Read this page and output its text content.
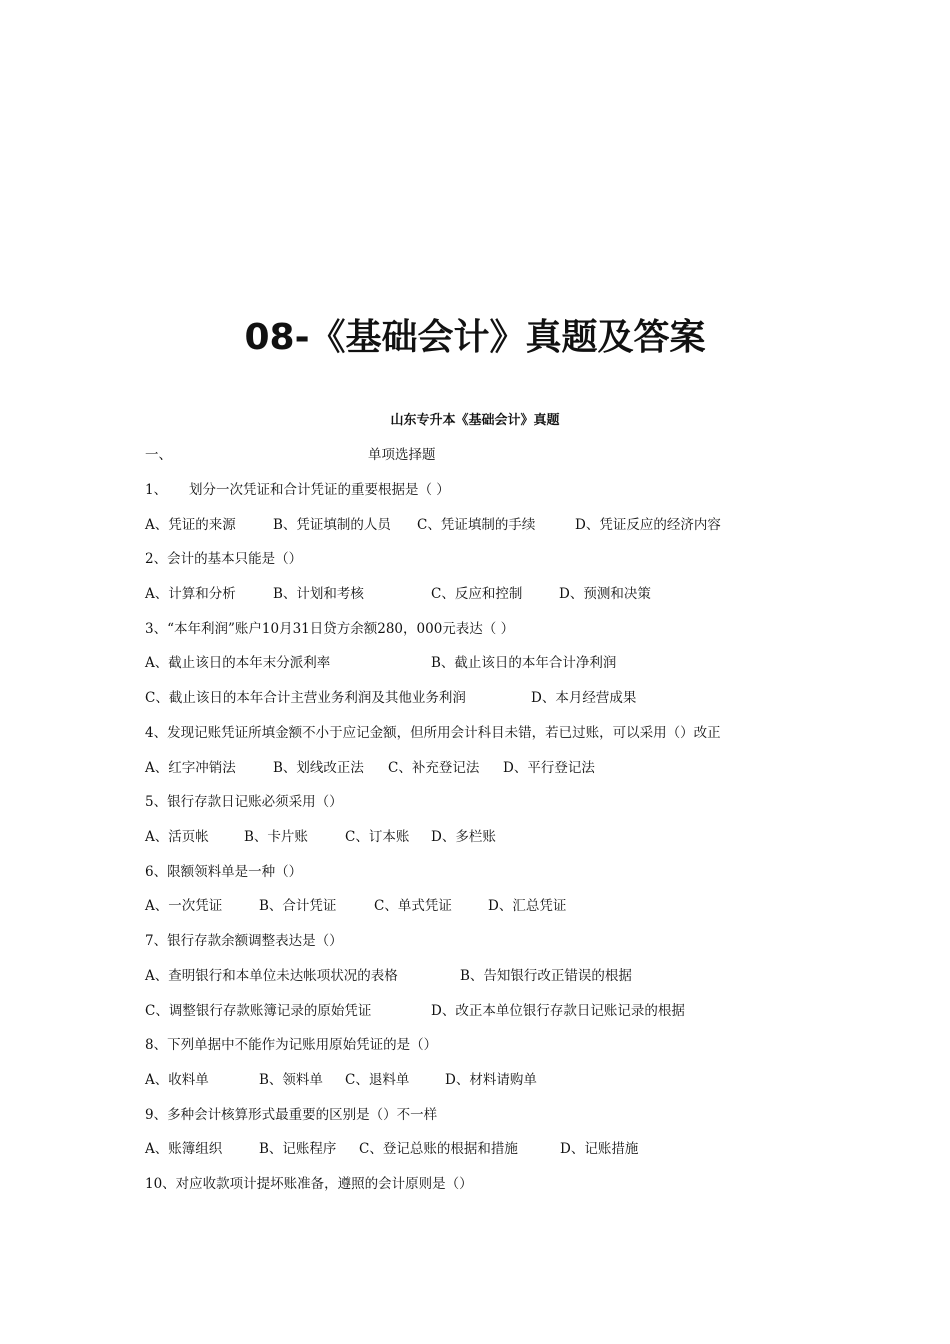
08-《基础会计》真题及答案
山东专升本《基础会计》真题

一、

	单项选择题

1、 划分一次凭证和合计凭证的重要根据是（ ）
A、凭证的来源	B、凭证填制的人员 C、凭证填制的手续	D、凭证反应的经济内容
2、会计的基本只能是（）
A、计算和分析	B、计划和考核	C、反应和控制	D、预测和决策
3、“本年利润”账户10月31日贷方余额280，000元表达（ ）
A、截止该日的本年末分派利率	B、截止该日的本年合计净利润
C、截止该日的本年合计主营业务利润及其他业务利润	D、本月经营成果
4、发现记账凭证所填金额不小于应记金额，但所用会计科目未错，若已过账，可以采用（）改正
A、红字冲销法	B、划线改正法 C、补充登记法 D、平行登记法
5、银行存款日记账必须采用（）
A、活页帐	B、卡片账	C、订本账 D、多栏账
6、限额领料单是一种（）
A、一次凭证	B、合计凭证	C、单式凭证	D、汇总凭证
7、银行存款余额调整表达是（）
A、查明银行和本单位未达帐项状况的表格	B、告知银行改正错误的根据
C、调整银行存款账簿记录的原始凭证	D、改正本单位银行存款日记账记录的根据
8、下列单据中不能作为记账用原始凭证的是（）
A、收料单	B、领料单 C、退料单	D、材料请购单
9、多种会计核算形式最重要的区别是（）不一样
A、账簿组织	B、记账程序 C、登记总账的根据和措施	D、记账措施
10、对应收款项计提坏账准备，遵照的会计原则是（）
